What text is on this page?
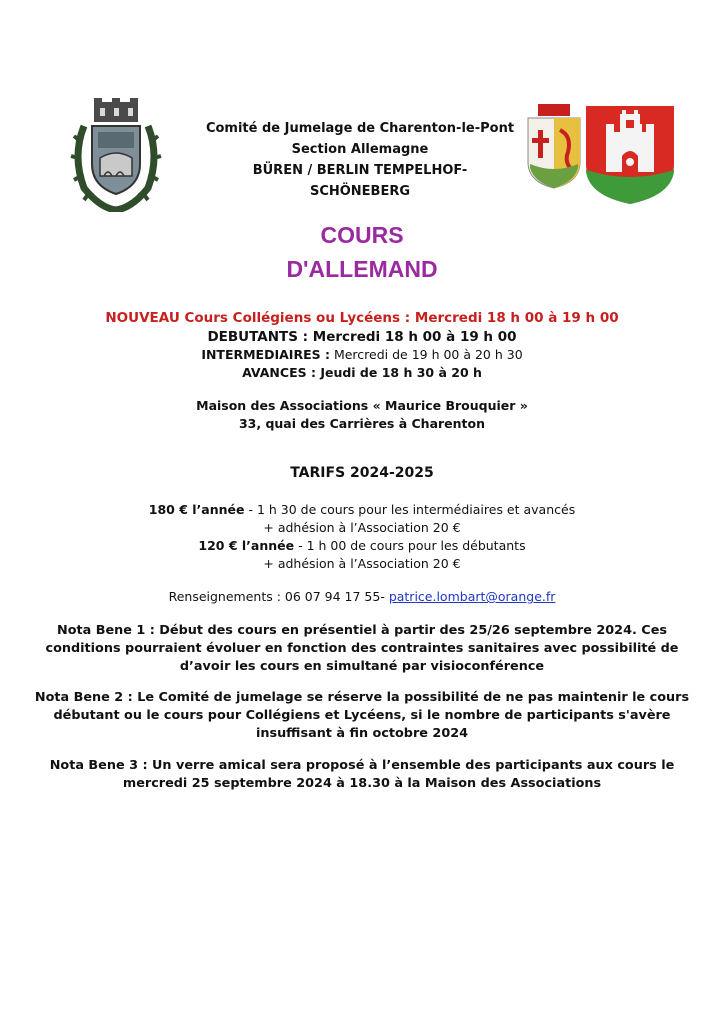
Comité de Jumelage de Charenton-le-Pont
Section Allemagne
BÜREN / BERLIN TEMPELHOF-
SCHÖNEBERG
COURS
D'ALLEMAND
NOUVEAU Cours Collégiens ou Lycéens : Mercredi 18 h 00 à 19 h 00
DEBUTANTS : Mercredi 18 h 00 à 19 h 00
INTERMEDIAIRES : Mercredi de 19 h 00 à 20 h 30
AVANCES : Jeudi de 18 h 30 à 20 h
Maison des Associations « Maurice Brouquier »
33, quai des Carrières à Charenton
TARIFS 2024-2025
180 € l’année - 1 h 30 de cours pour les intermédiaires et avancés
+ adhésion à l’Association 20 €
120 € l’année - 1 h 00 de cours pour les débutants
+ adhésion à l’Association 20 €
Renseignements : 06 07 94 17 55- patrice.lombart@orange.fr
Nota Bene 1 : Début des cours en présentiel à partir des 25/26 septembre 2024. Ces
conditions pourraient évoluer en fonction des contraintes sanitaires avec possibilité de
d’avoir les cours en simultané par visioconférence
Nota Bene 2 : Le Comité de jumelage se réserve la possibilité de ne pas maintenir le cours
débutant ou le cours pour Collégiens et Lycéens, si le nombre de participants s'avère
insuffisant à fin octobre 2024
Nota Bene 3 : Un verre amical sera proposé à l’ensemble des participants aux cours le
mercredi 25 septembre 2024 à 18.30 à la Maison des Associations
